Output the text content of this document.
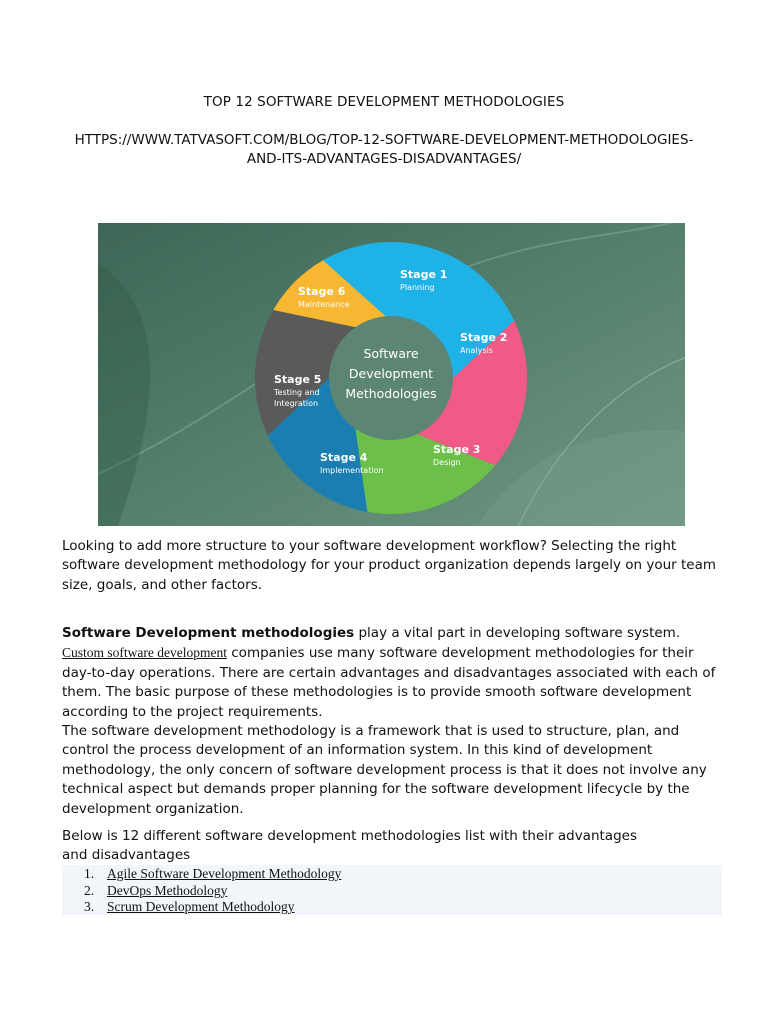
TOP 12 SOFTWARE DEVELOPMENT METHODOLOGIES
HTTPS://WWW.TATVASOFT.COM/BLOG/TOP-12-SOFTWARE-DEVELOPMENT-METHODOLOGIES-AND-ITS-ADVANTAGES-DISADVANTAGES/
Stage 1
Planning
Stage 2
Analysis
Stage 3
Design
Stage 4
Implementation
Stage 5
Testing and
Integration
Stage 6
Maintenance
Software
Development
Methodologies

Looking to add more structure to your software development workflow? Selecting the right software development methodology for your product organization depends largely on your team size, goals, and other factors.

Software Development methodologies play a vital part in developing software system. Custom software development companies use many software development methodologies for their day-to-day operations. There are certain advantages and disadvantages associated with each of them. The basic purpose of these methodologies is to provide smooth software development according to the project requirements.
The software development methodology is a framework that is used to structure, plan, and control the process development of an information system. In this kind of development methodology, the only concern of software development process is that it does not involve any technical aspect but demands proper planning for the software development lifecycle by the development organization.

Below is 12 different software development methodologies list with their advantages
and disadvantages

1. Agile Software Development Methodology
2. DevOps Methodology
3. Scrum Development Methodology
